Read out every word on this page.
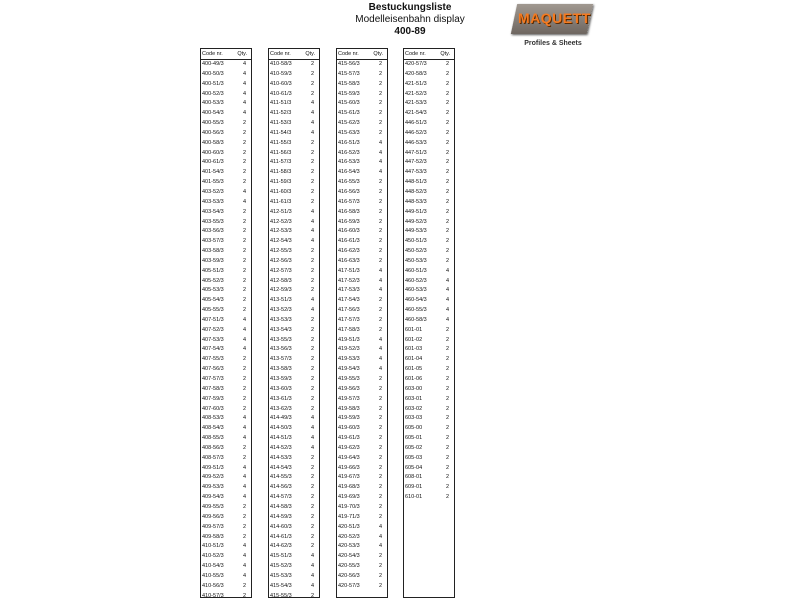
Bestuckungsliste
Modelleisenbahn display
400-89
MAQUETT
Profiles & Sheets
Code nr.	Qty.
400-49/3	4
400-50/3	4
400-51/3	4
400-52/3	4
400-53/3	4
400-54/3	4
400-55/3	2
400-56/3	2
400-58/3	2
400-60/3	2
400-61/3	2
401-54/3	2
401-55/3	2
403-52/3	4
403-53/3	4
403-54/3	2
403-55/3	2
403-56/3	2
403-57/3	2
403-58/3	2
403-59/3	2
405-51/3	2
405-52/3	2
405-53/3	2
405-54/3	2
405-55/3	2
407-51/3	4
407-52/3	4
407-53/3	4
407-54/3	4
407-55/3	2
407-56/3	2
407-57/3	2
407-58/3	2
407-59/3	2
407-60/3	2
408-53/3	4
408-54/3	4
408-55/3	4
408-56/3	2
408-57/3	2
409-51/3	4
409-52/3	4
409-53/3	4
409-54/3	4
409-55/3	2
409-56/3	2
409-57/3	2
409-58/3	2
410-51/3	4
410-52/3	4
410-54/3	4
410-55/3	4
410-56/3	2
410-57/3	2
Code nr.	Qty.
410-58/3	2
410-59/3	2
410-60/3	2
410-61/3	2
411-51/3	4
411-52/3	4
411-53/3	4
411-54/3	4
411-55/3	2
411-56/3	2
411-57/3	2
411-58/3	2
411-59/3	2
411-60/3	2
411-61/3	2
412-51/3	4
412-52/3	4
412-53/3	4
412-54/3	4
412-55/3	2
412-56/3	2
412-57/3	2
412-58/3	2
412-59/3	2
413-51/3	4
413-52/3	4
413-53/3	2
413-54/3	2
413-55/3	2
413-56/3	2
413-57/3	2
413-58/3	2
413-59/3	2
413-60/3	2
413-61/3	2
413-62/3	2
414-49/3	4
414-50/3	4
414-51/3	4
414-52/3	4
414-53/3	2
414-54/3	2
414-55/3	2
414-56/3	2
414-57/3	2
414-58/3	2
414-59/3	2
414-60/3	2
414-61/3	2
414-62/3	2
415-51/3	4
415-52/3	4
415-53/3	4
415-54/3	4
415-55/3	2
Code nr.	Qty.
415-56/3	2
415-57/3	2
415-58/3	2
415-59/3	2
415-60/3	2
415-61/3	2
415-62/3	2
415-63/3	2
416-51/3	4
416-52/3	4
416-53/3	4
416-54/3	4
416-55/3	2
416-56/3	2
416-57/3	2
416-58/3	2
416-59/3	2
416-60/3	2
416-61/3	2
416-62/3	2
416-63/3	2
417-51/3	4
417-52/3	4
417-53/3	4
417-54/3	2
417-56/3	2
417-57/3	2
417-58/3	2
419-51/3	4
419-52/3	4
419-53/3	4
419-54/3	4
419-55/3	2
419-56/3	2
419-57/3	2
419-58/3	2
419-59/3	2
419-60/3	2
419-61/3	2
419-62/3	2
419-64/3	2
419-66/3	2
419-67/3	2
419-68/3	2
419-69/3	2
419-70/3	2
419-71/3	2
420-51/3	4
420-52/3	4
420-53/3	4
420-54/3	2
420-55/3	2
420-56/3	2
420-57/3	2
Code nr.	Qty.
420-57/3	2
420-58/3	2
421-51/3	2
421-52/3	2
421-53/3	2
421-54/3	2
446-51/3	2
446-52/3	2
446-53/3	2
447-51/3	2
447-52/3	2
447-53/3	2
448-51/3	2
448-52/3	2
448-53/3	2
449-51/3	2
449-52/3	2
449-53/3	2
450-51/3	2
450-52/3	2
450-53/3	2
460-51/3	4
460-52/3	4
460-53/3	4
460-54/3	4
460-55/3	4
460-58/3	4
601-01	2
601-02	2
601-03	2
601-04	2
601-05	2
601-06	2
603-00	2
603-01	2
603-02	2
603-03	2
605-00	2
605-01	2
605-02	2
605-03	2
605-04	2
608-01	2
609-01	2
610-01	2
